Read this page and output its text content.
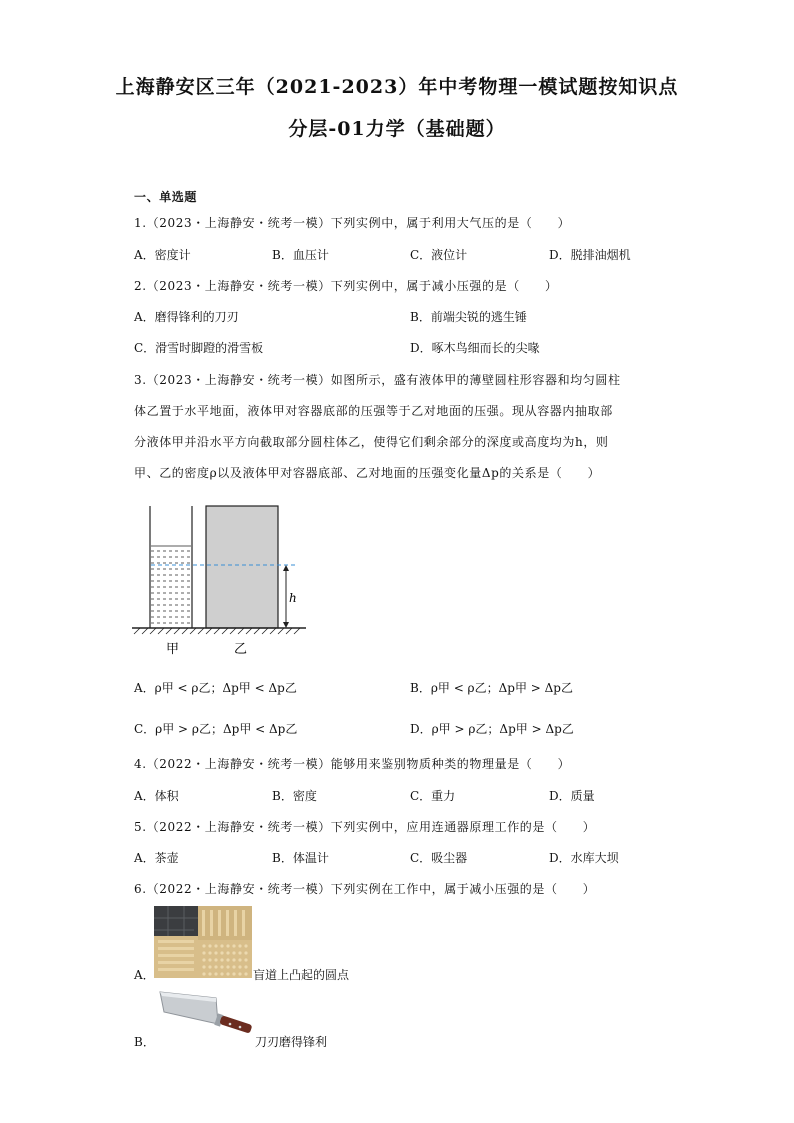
上海静安区三年（2021-2023）年中考物理一模试题按知识点
分层-01力学（基础题）
一、单选题
1.（2023・上海静安・统考一模）下列实例中，属于利用大气压的是（　　）
A．密度计	B．血压计	C．液位计	D．脱排油烟机
2.（2023・上海静安・统考一模）下列实例中，属于减小压强的是（　　）
A．磨得锋利的刀刃	B．前端尖锐的逃生锤
C．滑雪时脚蹬的滑雪板	D．啄木鸟细而长的尖喙
3.（2023・上海静安・统考一模）如图所示，盛有液体甲的薄壁圆柱形容器和均匀圆柱
体乙置于水平地面，液体甲对容器底部的压强等于乙对地面的压强。现从容器内抽取部
分液体甲并沿水平方向截取部分圆柱体乙，使得它们剩余部分的深度或高度均为h，则
甲、乙的密度ρ以及液体甲对容器底部、乙对地面的压强变化量Δp的关系是（　　）
h
甲	乙
A．ρ甲 < ρ乙；Δp甲 < Δp乙	B．ρ甲 < ρ乙；Δp甲 > Δp乙
C．ρ甲 > ρ乙；Δp甲 < Δp乙	D．ρ甲 > ρ乙；Δp甲 > Δp乙
4.（2022・上海静安・统考一模）能够用来鉴别物质种类的物理量是（　　）
A．体积	B．密度	C．重力	D．质量
5.（2022・上海静安・统考一模）下列实例中，应用连通器原理工作的是（　　）
A．茶壶	B．体温计	C．吸尘器	D．水库大坝
6.（2022・上海静安・统考一模）下列实例在工作中，属于减小压强的是（　　）
A．	盲道上凸起的圆点
B．	刀刃磨得锋利
